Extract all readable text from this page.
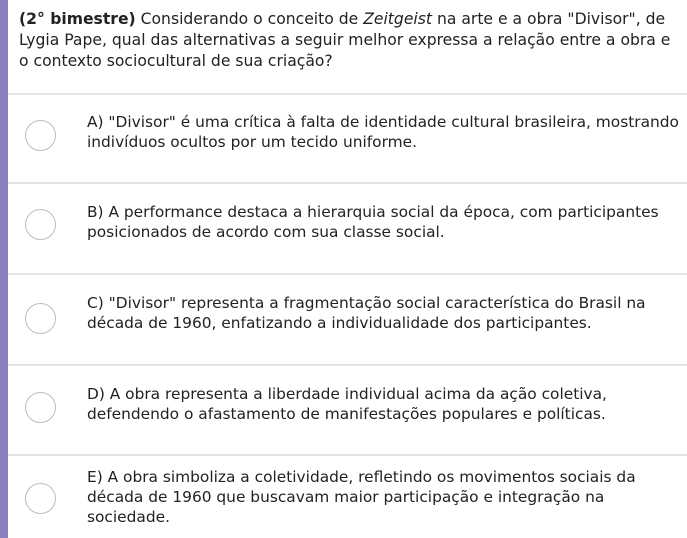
(2° bimestre) Considerando o conceito de Zeitgeist na arte e a obra "Divisor", de Lygia Pape, qual das alternativas a seguir melhor expressa a relação entre a obra e o contexto sociocultural de sua criação?
A) "Divisor" é uma crítica à falta de identidade cultural brasileira, mostrando indivíduos ocultos por um tecido uniforme.
B) A performance destaca a hierarquia social da época, com participantes posicionados de acordo com sua classe social.
C) "Divisor" representa a fragmentação social característica do Brasil na década de 1960, enfatizando a individualidade dos participantes.
D) A obra representa a liberdade individual acima da ação coletiva, defendendo o afastamento de manifestações populares e políticas.
E) A obra simboliza a coletividade, refletindo os movimentos sociais da década de 1960 que buscavam maior participação e integração na sociedade.
